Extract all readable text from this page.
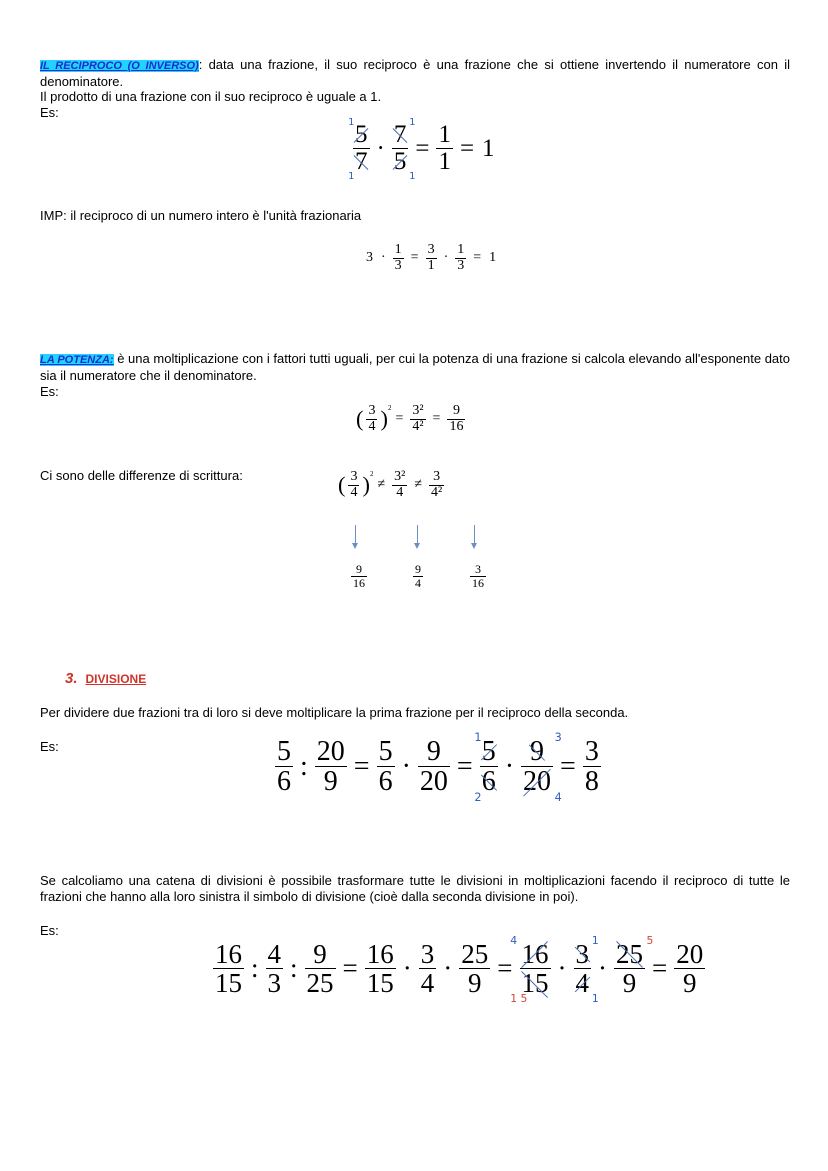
IL RECIPROCO (O INVERSO): data una frazione, il suo reciproco è una frazione che si ottiene invertendo il numeratore con il denominatore.
Il prodotto di una frazione con il suo reciproco è uguale a 1.
Es:
5
7
1
1
·
7
5
1
1
= $\frac{1}{1} = 1$
IMP: il reciproco di un numero intero è l'unità frazionaria
$3 \cdot \frac{1}{3} = \frac{3}{1} \cdot \frac{1}{3} = 1$
LA POTENZA: è una moltiplicazione con i fattori tutti uguali, per cui la potenza di una frazione si calcola elevando all'esponente dato sia il numeratore che il denominatore.
Es:
( $\frac{3}{4} )^2$
= $\frac{\text{3²}}{\text{4²}} = \frac{9}{16}$
Ci sono delle differenze di scrittura:	( $\frac{3}{4} )^2$
≠ $\frac{\text{3²}}{4} \ne \frac{3}{\text{4²}}$
9
16
9
4
3
16
3. DIVISIONE
Per dividere due frazioni tra di loro si deve moltiplicare la prima frazione per il reciproco della seconda.
Es:	$\frac{5}{6}$ : $\frac{20}{9} = \frac{5}{6} \cdot \frac{9}{20} = 5$
6
1
2
· 9
20
3
4
= $\frac{3}{8}$
Se calcoliamo una catena di divisioni è possibile trasformare tutte le divisioni in moltiplicazioni facendo il reciproco di tutte le frazioni che hanno alla loro sinistra il simbolo di divisione (cioè dalla seconda divisione in poi).
Es:
$\frac{16}{15}$ : $\frac{4}{3}$ : $\frac{9}{25} = \frac{16}{15} \cdot \frac{3}{4} \cdot \frac{25}{9} = 16$
15
4
1 5
· 3
4
1
1
· 25
9
5
= $\frac{20}{9}$
